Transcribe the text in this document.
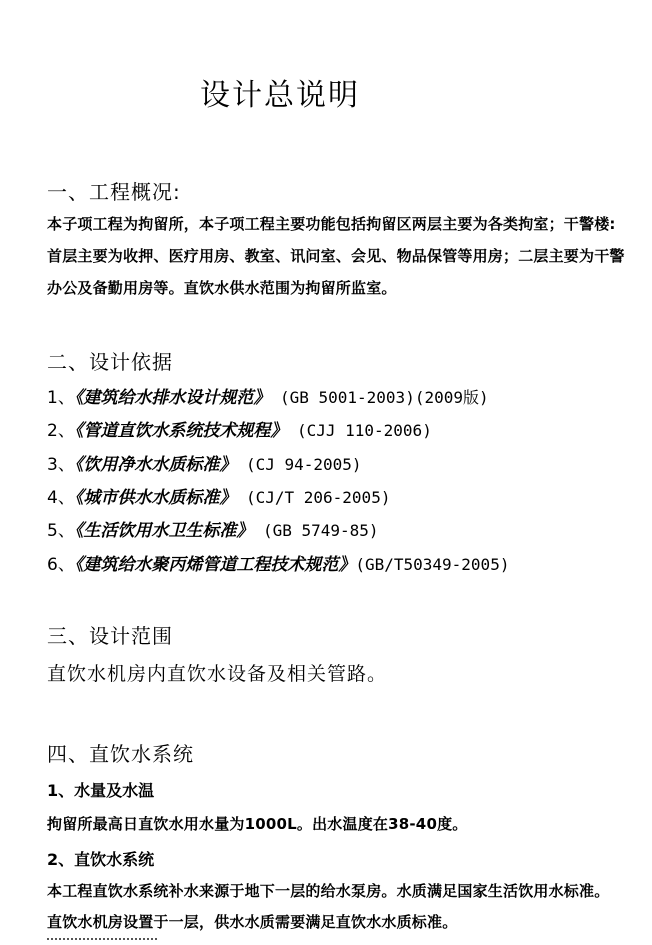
设计总说明
一、工程概况:
本子项工程为拘留所，本子项工程主要功能包括拘留区两层主要为各类拘室；干警楼:
首层主要为收押、医疗用房、教室、讯问室、会见、物品保管等用房；二层主要为干警
办公及备勤用房等。直饮水供水范围为拘留所监室。
二、设计依据
1、《建筑给水排水设计规范》 (GB 5001-2003)(2009版)
2、《管道直饮水系统技术规程》 (CJJ 110-2006)
3、《饮用净水水质标准》 (CJ 94-2005)
4、《城市供水水质标准》 (CJ/T 206-2005)
5、《生活饮用水卫生标准》 (GB 5749-85)
6、《建筑给水聚丙烯管道工程技术规范》(GB/T50349-2005)
三、设计范围
直饮水机房内直饮水设备及相关管路。
四、直饮水系统
1、水量及水温
拘留所最高日直饮水用水量为1000L。出水温度在38-40度。
2、直饮水系统
本工程直饮水系统补水来源于地下一层的给水泵房。水质满足国家生活饮用水标准。
直饮水机房设置于一层，供水水质需要满足直饮水水质标准。
